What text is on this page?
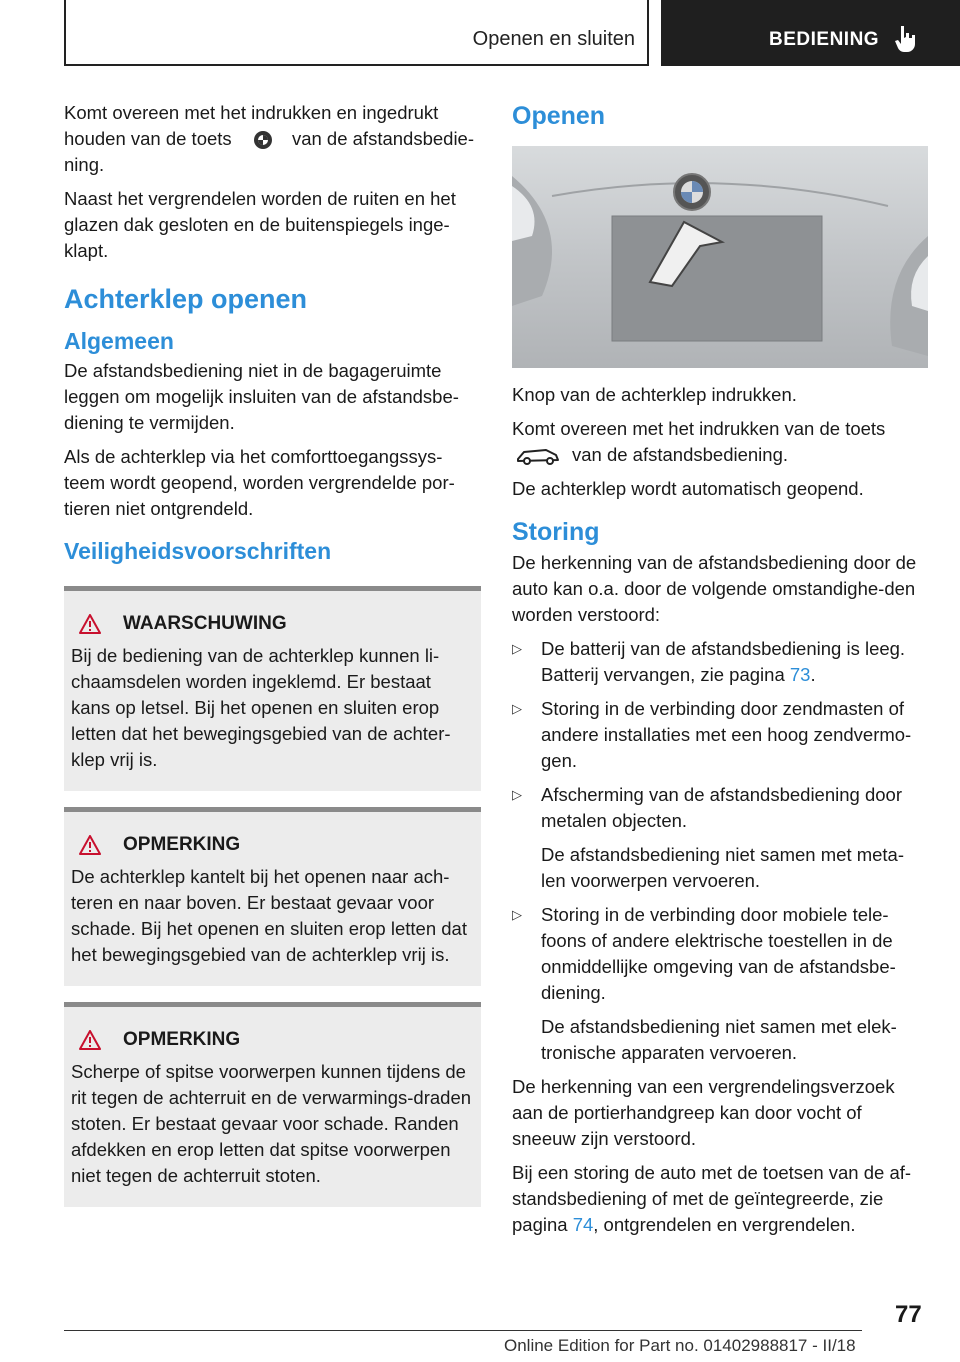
Openen en sluiten	BEDIENING

Komt overeen met het indrukken en ingedrukt houden van de toets	van de afstandsbedie-ning.

Naast het vergrendelen worden de ruiten en het glazen dak gesloten en de buitenspiegels inge-klapt.

Achterklep openen
Algemeen

De afstandsbediening niet in de bagageruimte leggen om mogelijk insluiten van de afstandsbe-diening te vermijden.

Als de achterklep via het comforttoegangssys-teem wordt geopend, worden vergrendelde por-tieren niet ontgrendeld.

Veiligheidsvoorschriften
WAARSCHUWING

Bij de bediening van de achterklep kunnen li-chaamsdelen worden ingeklemd. Er bestaat kans op letsel. Bij het openen en sluiten erop letten dat het bewegingsgebied van de achter-klep vrij is.

OPMERKING

De achterklep kantelt bij het openen naar ach-teren en naar boven. Er bestaat gevaar voor schade. Bij het openen en sluiten erop letten dat het bewegingsgebied van de achterklep vrij is.

OPMERKING

Scherpe of spitse voorwerpen kunnen tijdens de rit tegen de achterruit en de verwarmings-draden stoten. Er bestaat gevaar voor schade. Randen afdekken en erop letten dat spitse voorwerpen niet tegen de achterruit stoten.

Openen

Knop van de achterklep indrukken.

Komt overeen met het indrukken van de toets
van de afstandsbediening.

De achterklep wordt automatisch geopend.

Storing

De herkenning van de afstandsbediening door de auto kan o.a. door de volgende omstandighe-den worden verstoord:

▷ De batterij van de afstandsbediening is leeg. Batterij vervangen, zie pagina 73.
▷ Storing in de verbinding door zendmasten of andere installaties met een hoog zendvermo-gen.
▷ Afscherming van de afstandsbediening door metalen objecten.
De afstandsbediening niet samen met meta-len voorwerpen vervoeren.
▷ Storing in de verbinding door mobiele tele-foons of andere elektrische toestellen in de onmiddellijke omgeving van de afstandsbe-diening.
De afstandsbediening niet samen met elek-tronische apparaten vervoeren.

De herkenning van een vergrendelingsverzoek aan de portierhandgreep kan door vocht of sneeuw zijn verstoord.

Bij een storing de auto met de toetsen van de af-standsbediening of met de geïntegreerde, zie pagina 74, ontgrendelen en vergrendelen.

77
Online Edition for Part no. 01402988817 - II/18
